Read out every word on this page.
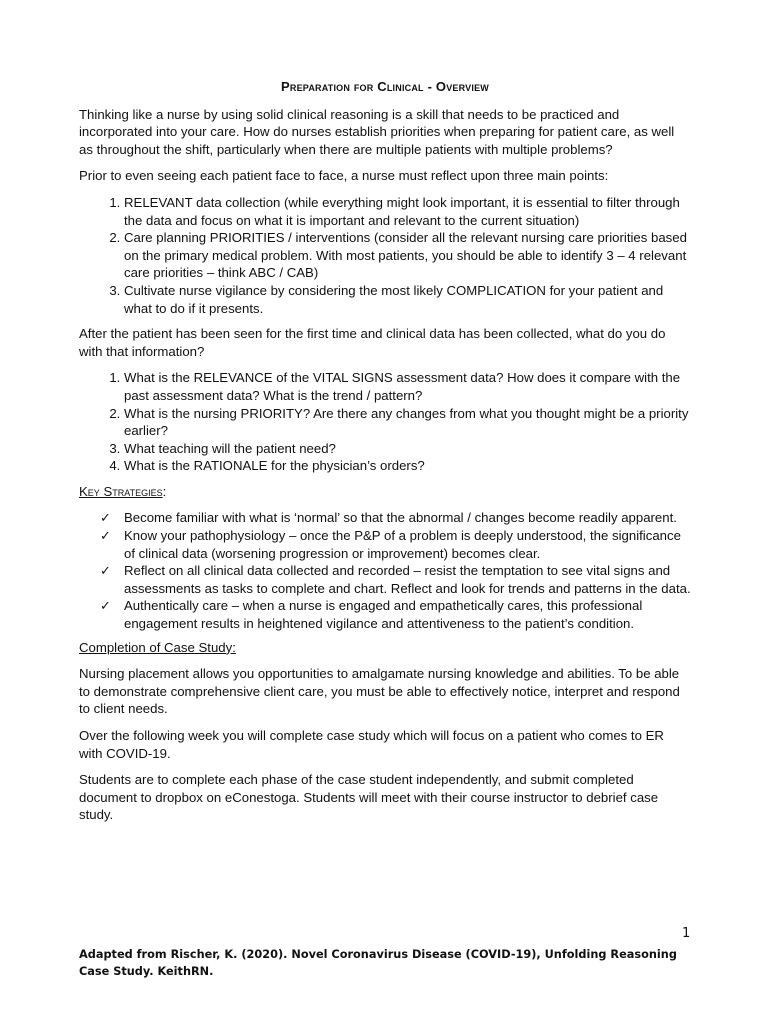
Preparation for Clinical - Overview

Thinking like a nurse by using solid clinical reasoning is a skill that needs to be practiced and incorporated into your care. How do nurses establish priorities when preparing for patient care, as well as throughout the shift, particularly when there are multiple patients with multiple problems?

Prior to even seeing each patient face to face, a nurse must reflect upon three main points:

1. RELEVANT data collection (while everything might look important, it is essential to filter through the data and focus on what it is important and relevant to the current situation)
2. Care planning PRIORITIES / interventions (consider all the relevant nursing care priorities based on the primary medical problem. With most patients, you should be able to identify 3 – 4 relevant care priorities – think ABC / CAB)
3. Cultivate nurse vigilance by considering the most likely COMPLICATION for your patient and what to do if it presents.

After the patient has been seen for the first time and clinical data has been collected, what do you do with that information?

1. What is the RELEVANCE of the VITAL SIGNS assessment data? How does it compare with the past assessment data? What is the trend / pattern?
2. What is the nursing PRIORITY? Are there any changes from what you thought might be a priority earlier?
3. What teaching will the patient need?
4. What is the RATIONALE for the physician’s orders?

Key Strategies:

✓ Become familiar with what is ‘normal’ so that the abnormal / changes become readily apparent.
✓ Know your pathophysiology – once the P&P of a problem is deeply understood, the significance of clinical data (worsening progression or improvement) becomes clear.
✓ Reflect on all clinical data collected and recorded – resist the temptation to see vital signs and assessments as tasks to complete and chart. Reflect and look for trends and patterns in the data.
✓ Authentically care – when a nurse is engaged and empathetically cares, this professional engagement results in heightened vigilance and attentiveness to the patient’s condition.
Completion of Case Study:

Nursing placement allows you opportunities to amalgamate nursing knowledge and abilities. To be able to demonstrate comprehensive client care, you must be able to effectively notice, interpret and respond to client needs.

Over the following week you will complete case study which will focus on a patient who comes to ER with COVID-19.

Students are to complete each phase of the case student independently, and submit completed document to dropbox on eConestoga. Students will meet with their course instructor to debrief case study.

1
Adapted from Rischer, K. (2020). Novel Coronavirus Disease (COVID-19), Unfolding Reasoning Case Study. KeithRN.
